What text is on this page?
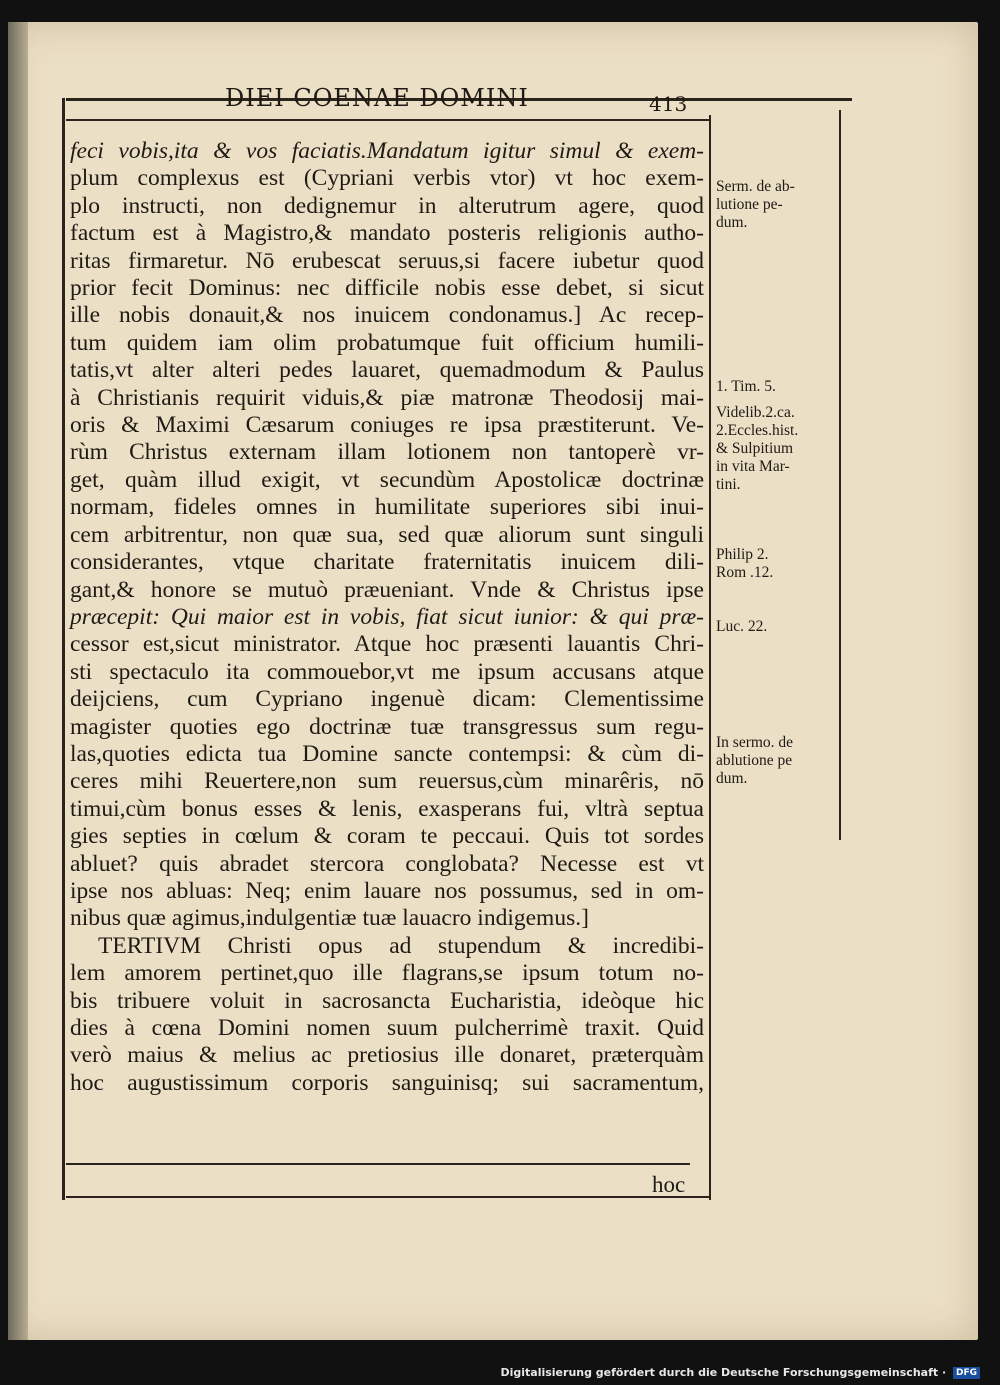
DIEI COENAE DOMINI	413
feci vobis,ita & vos faciatis.Mandatum igitur simul & exem-
plum complexus est (Cypriani verbis vtor) vt hoc exem-
plo instructi, non dedignemur in alterutrum agere, quod
factum est à Magistro,& mandato posteris religionis autho-
ritas firmaretur. Nō erubescat seruus,si facere iubetur quod
prior fecit Dominus: nec difficile nobis esse debet, si sicut
ille nobis donauit,& nos inuicem condonamus.] Ac recep-
tum quidem iam olim probatumque fuit officium humili-
tatis,vt alter alteri pedes lauaret, quemadmodum & Paulus
à Christianis requirit viduis,& piæ matronæ Theodosij mai-
oris & Maximi Cæsarum coniuges re ipsa præstiterunt. Ve-
rùm Christus externam illam lotionem non tantoperè vr-
get, quàm illud exigit, vt secundùm Apostolicæ doctrinæ
normam, fideles omnes in humilitate superiores sibi inui-
cem arbitrentur, non quæ sua, sed quæ aliorum sunt singuli
considerantes, vtque charitate fraternitatis inuicem dili-
gant,& honore se mutuò præueniant. Vnde & Christus ipse
præcepit: Qui maior est in vobis, fiat sicut iunior: & qui præ-
cessor est,sicut ministrator. Atque hoc præsenti lauantis Chri-
sti spectaculo ita commouebor,vt me ipsum accusans atque
deijciens, cum Cypriano ingenuè dicam: Clementissime
magister quoties ego doctrinæ tuæ transgressus sum regu-
las,quoties edicta tua Domine sancte contempsi: & cùm di-
ceres mihi Reuertere,non sum reuersus,cùm minarêris, nō
timui,cùm bonus esses & lenis, exasperans fui, vltrà septua
gies septies in cœlum & coram te peccaui. Quis tot sordes
abluet? quis abradet stercora conglobata? Necesse est vt
ipse nos abluas: Neq; enim lauare nos possumus, sed in om-
nibus quæ agimus,indulgentiæ tuæ lauacro indigemus.]
TERTIVM Christi opus ad stupendum & incredibi-
lem amorem pertinet,quo ille flagrans,se ipsum totum no-
bis tribuere voluit in sacrosancta Eucharistia, ideòque hic
dies à cœna Domini nomen suum pulcherrimè traxit. Quid
verò maius & melius ac pretiosius ille donaret, præterquàm
hoc augustissimum corporis sanguinisq; sui sacramentum,
Serm. de ab-
lutione pe-
dum.
1. Tim. 5.
Videlib.2.ca.
2.Eccles.hist.
& Sulpitium
in vita Mar-
tini.
Philip 2.
Rom .12.
Luc. 22.
In sermo. de
ablutione pe
dum.
hoc
Digitalisierung gefördert durch die Deutsche Forschungsgemeinschaft · DFG
